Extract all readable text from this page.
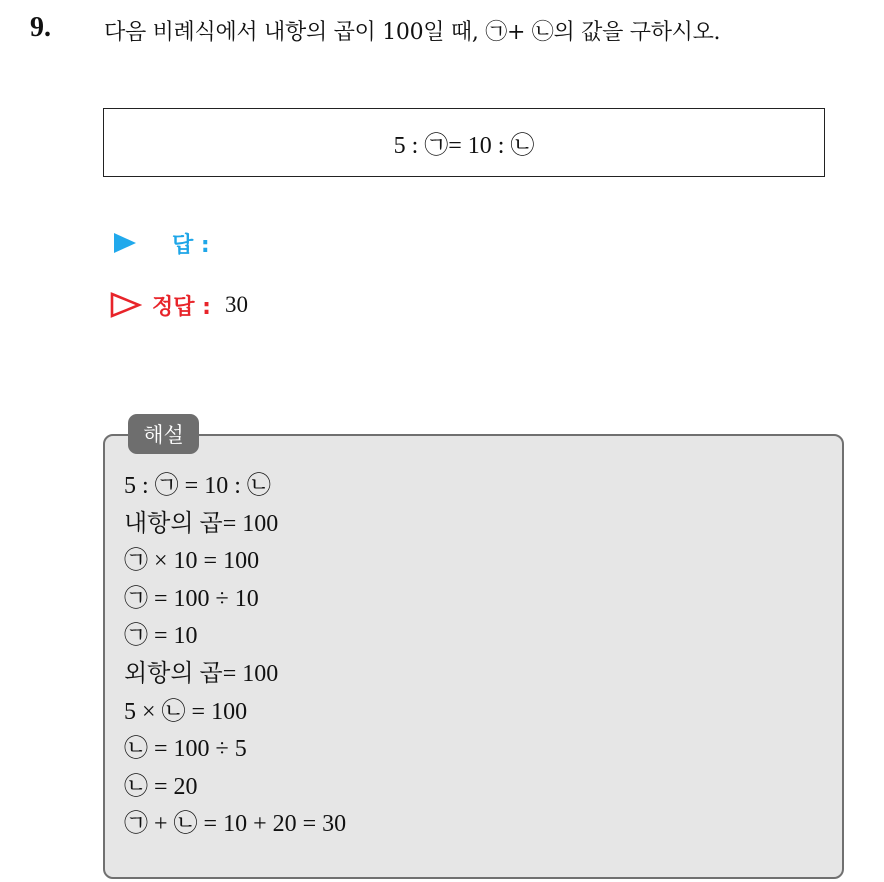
9. 다음 비례식에서 내항의 곱이 100일 때, ㉠+ ㉡의 값을 구하시오.
5 : ㉠= 10 : ㉡
답 :
정답 : 30
해설
5 : ㉠ = 10 : ㉡
내항의 곱= 100
㉠ × 10 = 100
㉠ = 100 ÷ 10
㉠ = 10
외항의 곱= 100
5 × ㉡ = 100
㉡ = 100 ÷ 5
㉡ = 20
㉠ + ㉡ = 10 + 20 = 30
